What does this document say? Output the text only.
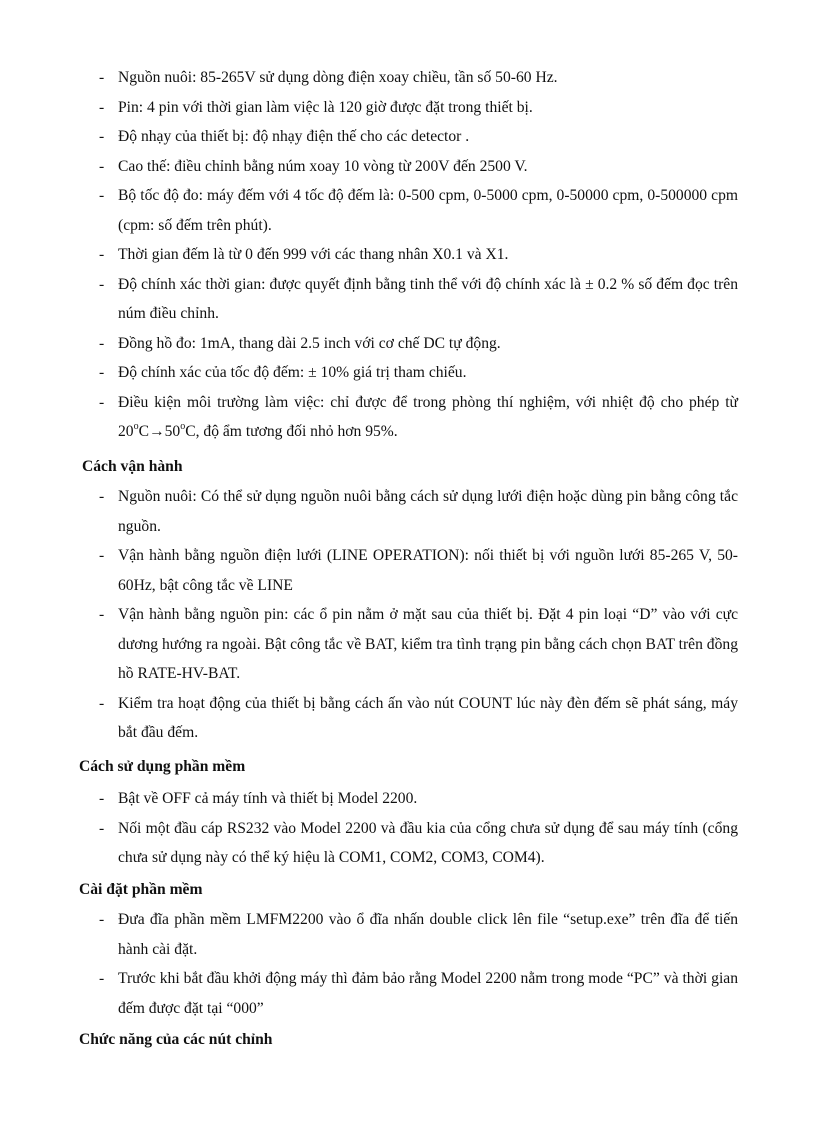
- Nguồn nuôi: 85-265V sử dụng dòng điện xoay chiều, tần số 50-60 Hz.
- Pin: 4 pin với thời gian làm việc là 120 giờ được đặt trong thiết bị.
- Độ nhạy của thiết bị: độ nhạy điện thế cho các detector .
- Cao thế: điều chỉnh bằng núm xoay 10 vòng từ 200V đến 2500 V.
- Bộ tốc độ đo: máy đếm với 4 tốc độ đếm là: 0-500 cpm, 0-5000 cpm, 0-50000 cpm, 0-500000 cpm (cpm: số đếm trên phút).
- Thời gian đếm là từ 0 đến 999 với các thang nhân X0.1 và X1.
- Độ chính xác thời gian: được quyết định bằng tinh thể với độ chính xác là ± 0.2 % số đếm đọc trên núm điều chỉnh.
- Đồng hồ đo: 1mA, thang dài 2.5 inch với cơ chế DC tự động.
- Độ chính xác của tốc độ đếm: ± 10% giá trị tham chiếu.
- Điều kiện môi trường làm việc: chỉ được để trong phòng thí nghiệm, với nhiệt độ cho phép từ $20^oC\to 50^oC$, độ ẩm tương đối nhỏ hơn 95%.
Cách vận hành
- Nguồn nuôi: Có thể sử dụng nguồn nuôi bằng cách sử dụng lưới điện hoặc dùng pin bằng công tắc nguồn.
- Vận hành bằng nguồn điện lưới (LINE OPERATION): nối thiết bị với nguồn lưới 85-265 V, 50-60Hz, bật công tắc về LINE
- Vận hành bằng nguồn pin: các ổ pin nằm ở mặt sau của thiết bị. Đặt 4 pin loại “D” vào với cực dương hướng ra ngoài. Bật công tắc về BAT, kiểm tra tình trạng pin bằng cách chọn BAT trên đồng hồ RATE-HV-BAT.
- Kiểm tra hoạt động của thiết bị bằng cách ấn vào nút COUNT lúc này đèn đếm sẽ phát sáng, máy bắt đầu đếm.
Cách sử dụng phần mềm
- Bật về OFF cả máy tính và thiết bị Model 2200.
- Nối một đầu cáp RS232 vào Model 2200 và đầu kia của cổng chưa sử dụng để sau máy tính (cổng chưa sử dụng này có thể ký hiệu là COM1, COM2, COM3, COM4).
Cài đặt phần mềm
- Đưa đĩa phần mềm LMFM2200 vào ổ đĩa nhấn double click lên file “setup.exe” trên đĩa để tiến hành cài đặt.
- Trước khi bắt đầu khởi động máy thì đảm bảo rằng Model 2200 nằm trong mode “PC” và thời gian đếm được đặt tại “000”
Chức năng của các nút chỉnh
